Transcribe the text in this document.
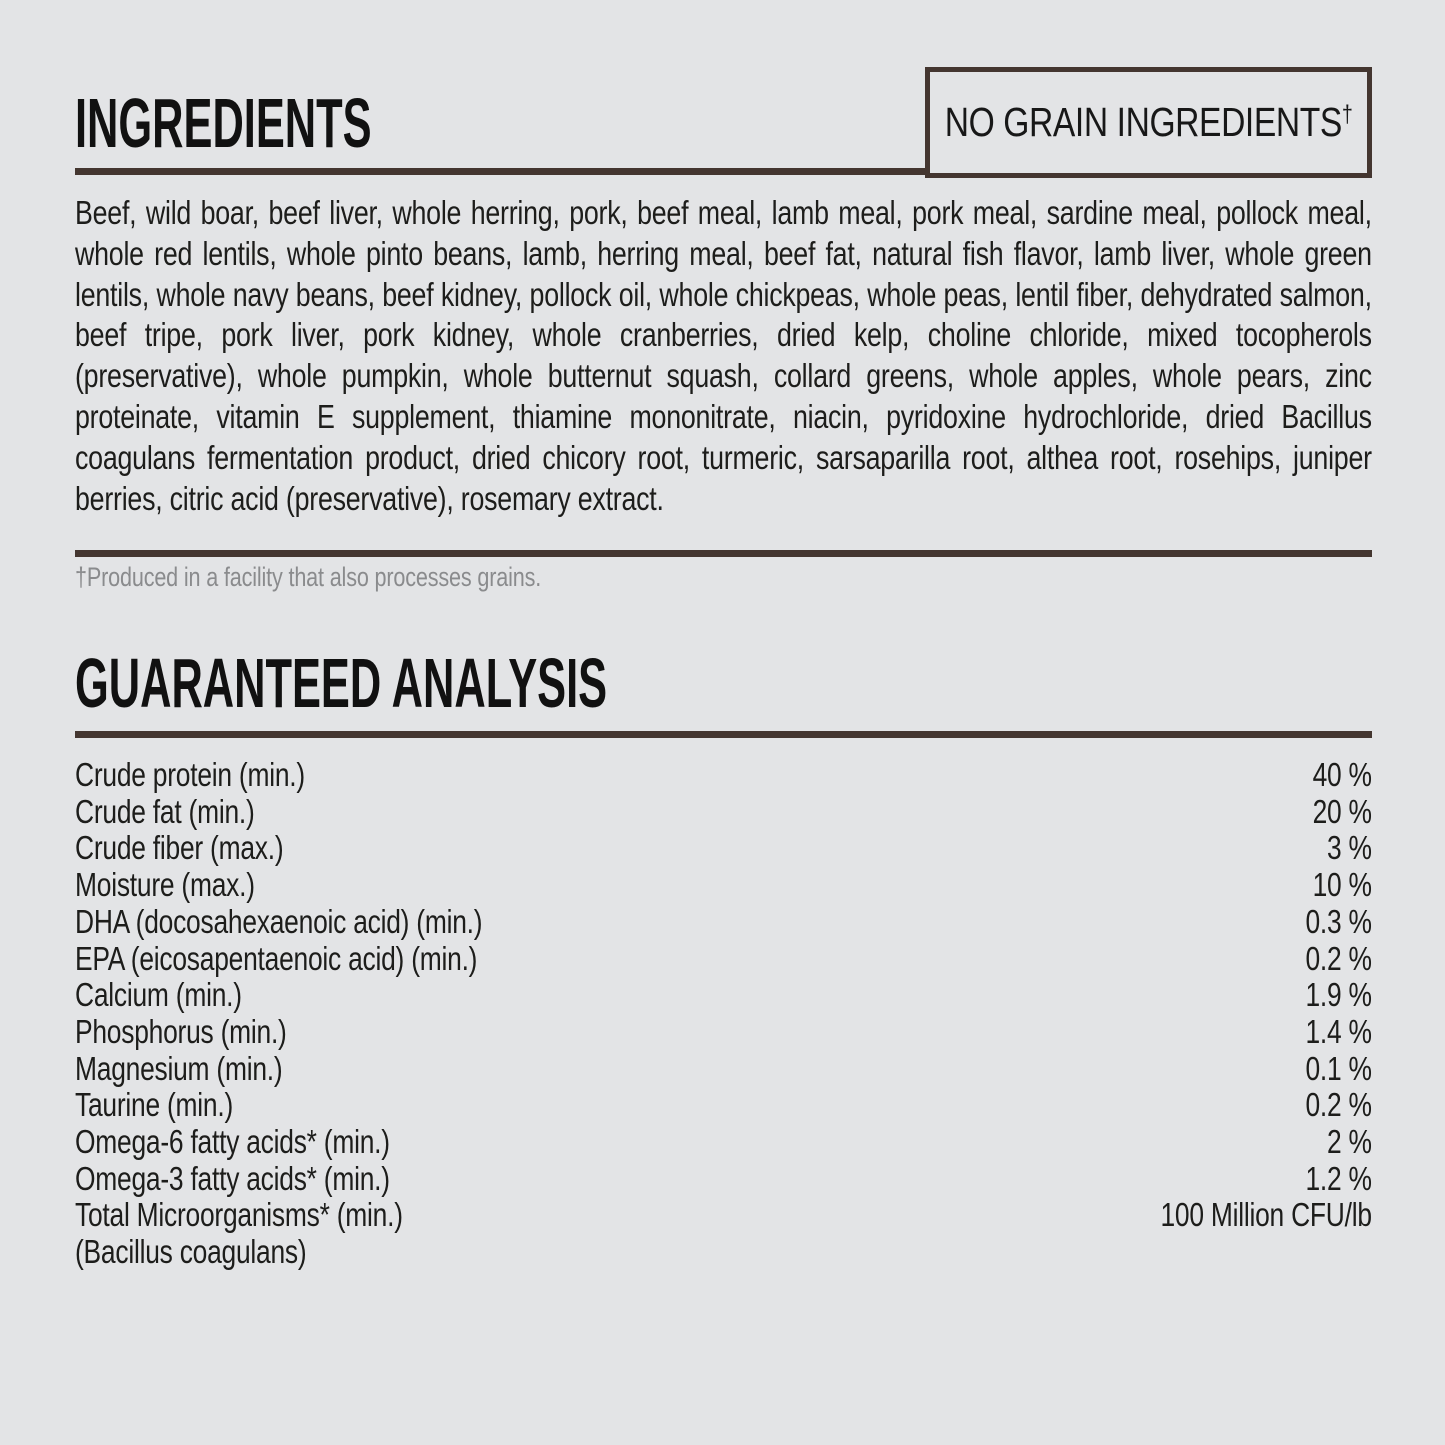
INGREDIENTS	NO GRAIN INGREDIENTS†

Beef, wild boar, beef liver, whole herring, pork, beef meal, lamb meal, pork meal, sardine meal, pollock meal, whole red lentils, whole pinto beans, lamb, herring meal, beef fat, natural fish flavor, lamb liver, whole green lentils, whole navy beans, beef kidney, pollock oil, whole chickpeas, whole peas, lentil fiber, dehydrated salmon, beef tripe, pork liver, pork kidney, whole cranberries, dried kelp, choline chloride, mixed tocopherols (preservative), whole pumpkin, whole butternut squash, collard greens, whole apples, whole pears, zinc proteinate, vitamin E supplement, thiamine mononitrate, niacin, pyridoxine hydrochloride, dried Bacillus coagulans fermentation product, dried chicory root, turmeric, sarsaparilla root, althea root, rosehips, juniper berries, citric acid (preservative), rosemary extract.

†Produced in a facility that also processes grains.

GUARANTEED ANALYSIS
Crude protein (min.)	40 %
Crude fat (min.)	20 %
Crude fiber (max.)	3 %
Moisture (max.)	10 %
DHA (docosahexaenoic acid) (min.)	0.3 %
EPA (eicosapentaenoic acid) (min.)	0.2 %
Calcium (min.)	1.9 %
Phosphorus (min.)	1.4 %
Magnesium (min.)	0.1 %
Taurine (min.)	0.2 %
Omega-6 fatty acids* (min.)	2 %
Omega-3 fatty acids* (min.)	1.2 %
Total Microorganisms* (min.)	100 Million CFU/lb
(Bacillus coagulans)
